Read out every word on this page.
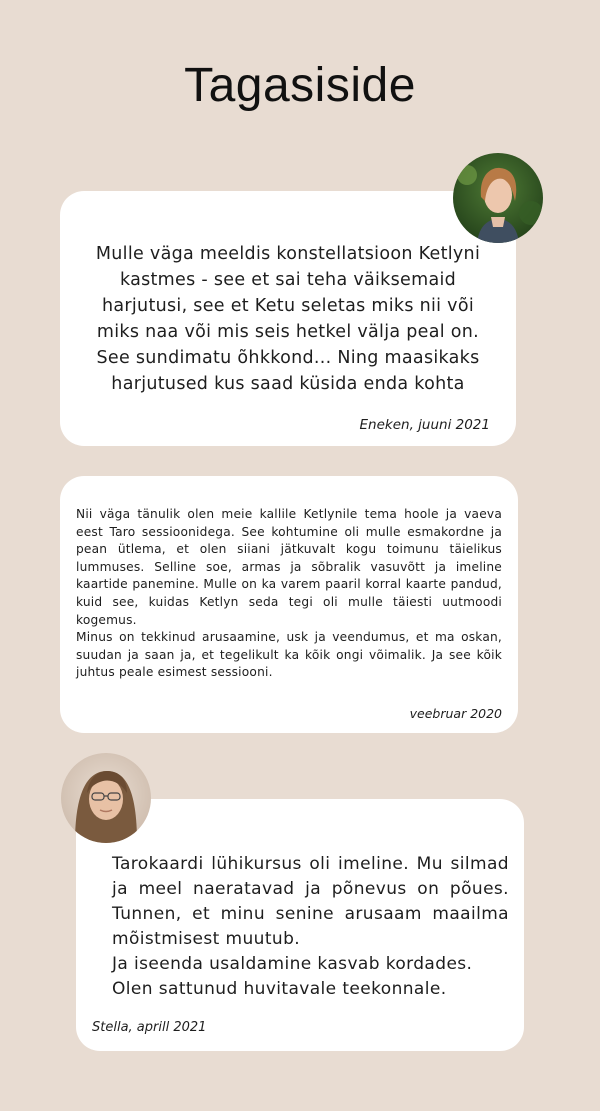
Tagasiside
Mulle väga meeldis konstellatsioon Ketlyni kastmes - see et sai teha väiksemaid harjutusi, see et Ketu seletas miks nii või miks naa või mis seis hetkel välja peal on. See sundimatu õhkkond... Ning maasikaks harjutused kus saad küsida enda kohta
Eneken, juuni 2021

Nii väga tänulik olen meie kallile Ketlynile tema hoole ja vaeva eest Taro sessioonidega. See kohtumine oli mulle esmakordne ja pean ütlema, et olen siiani jätkuvalt kogu toimunu täielikus lummuses. Selline soe, armas ja sõbralik vasuvõtt ja imeline kaartide panemine. Mulle on ka varem paaril korral kaarte pandud, kuid see, kuidas Ketlyn seda tegi oli mulle täiesti uutmoodi kogemus.

Minus on tekkinud arusaamine, usk ja veendumus, et ma oskan, suudan ja saan ja, et tegelikult ka kõik ongi võimalik. Ja see kõik juhtus peale esimest sessiooni.

veebruar 2020

Tarokaardi lühikursus oli imeline. Mu silmad ja meel naeratavad ja põnevus on põues. Tunnen, et minu senine arusaam maailma mõistmisest muutub.

Ja iseenda usaldamine kasvab kordades.

Olen sattunud huvitavale teekonnale.

Stella, aprill 2021
